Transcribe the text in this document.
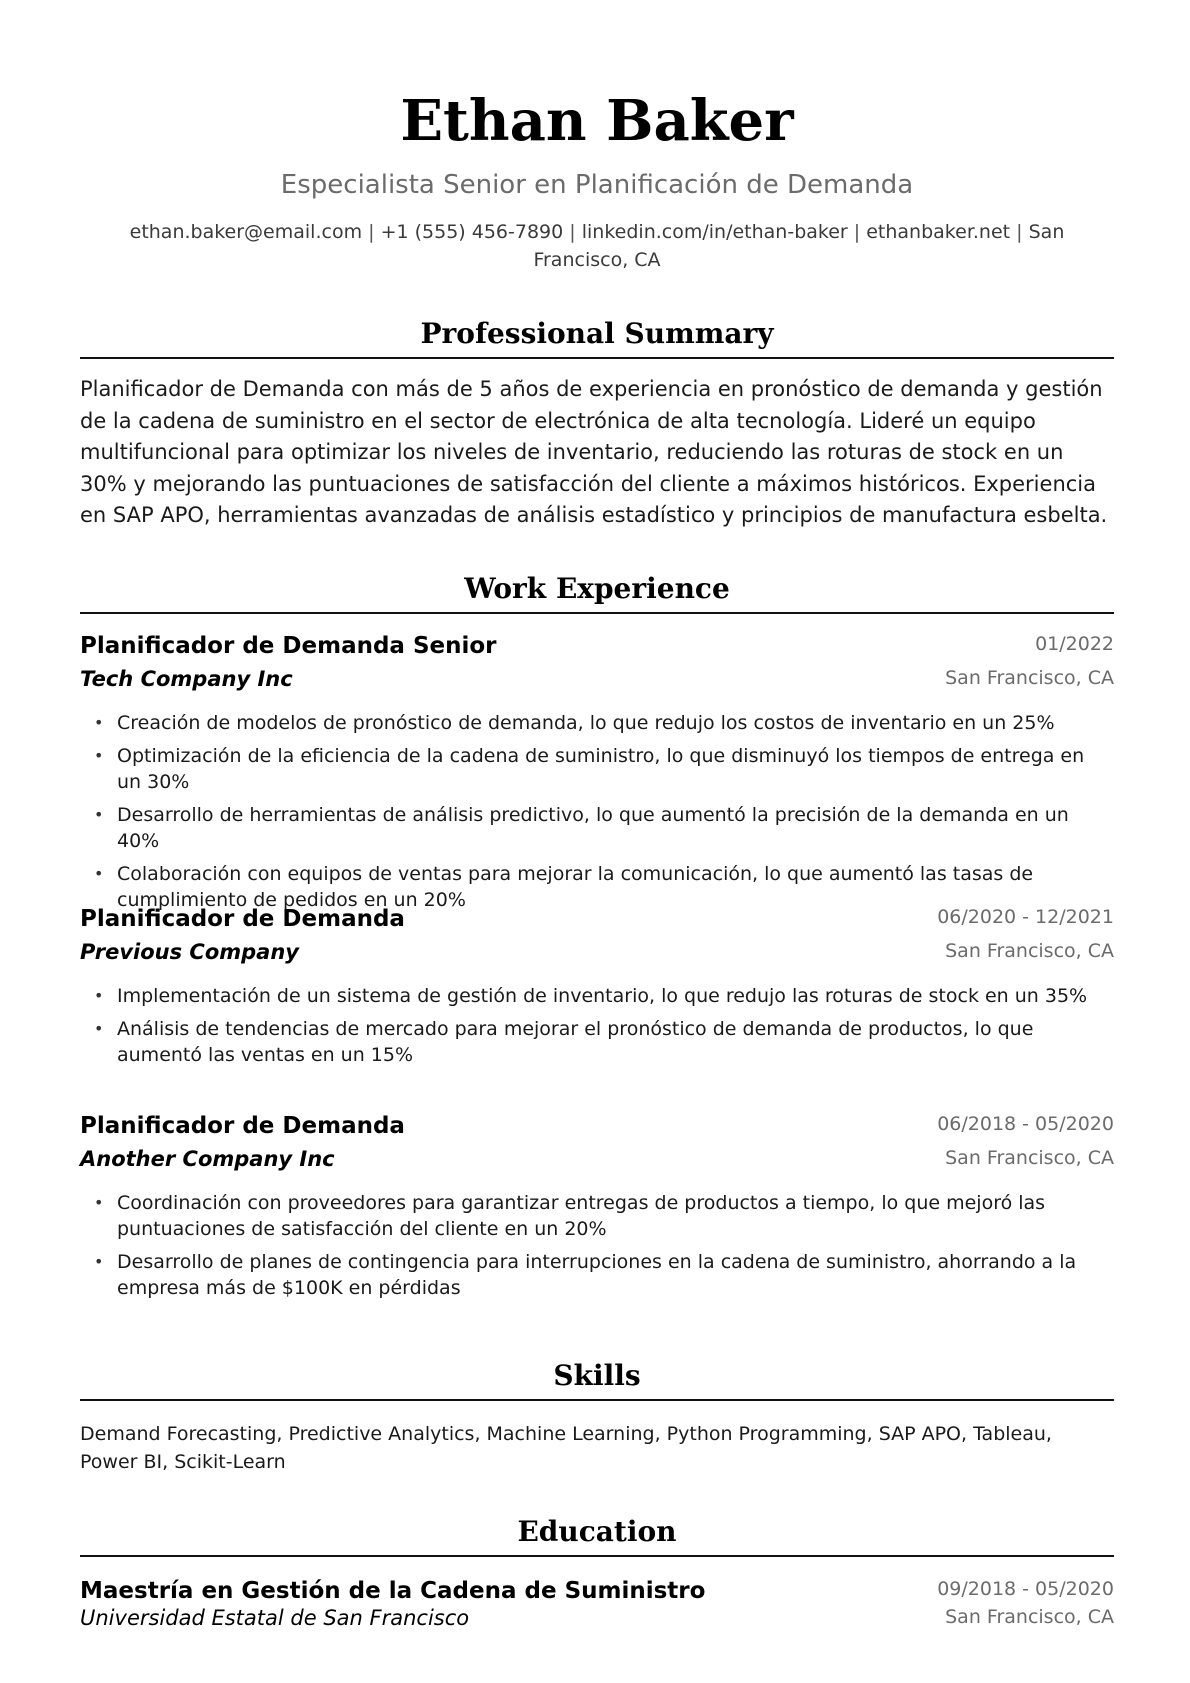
Ethan Baker
Especialista Senior en Planificación de Demanda
ethan.baker@email.com | +1 (555) 456-7890 | linkedin.com/in/ethan-baker | ethanbaker.net | San Francisco, CA
Professional Summary
Planificador de Demanda con más de 5 años de experiencia en pronóstico de demanda y gestión de la cadena de suministro en el sector de electrónica de alta tecnología. Lideré un equipo multifuncional para optimizar los niveles de inventario, reduciendo las roturas de stock en un 30% y mejorando las puntuaciones de satisfacción del cliente a máximos históricos. Experiencia en SAP APO, herramientas avanzadas de análisis estadístico y principios de manufactura esbelta.
Work Experience
Planificador de Demanda Senior	01/2022
Tech Company Inc	San Francisco, CA
• Creación de modelos de pronóstico de demanda, lo que redujo los costos de inventario en un 25%
• Optimización de la eficiencia de la cadena de suministro, lo que disminuyó los tiempos de entrega en un 30%
• Desarrollo de herramientas de análisis predictivo, lo que aumentó la precisión de la demanda en un 40%
• Colaboración con equipos de ventas para mejorar la comunicación, lo que aumentó las tasas de cumplimiento de pedidos en un 20%
Planificador de Demanda	06/2020 - 12/2021
Previous Company	San Francisco, CA
• Implementación de un sistema de gestión de inventario, lo que redujo las roturas de stock en un 35%
• Análisis de tendencias de mercado para mejorar el pronóstico de demanda de productos, lo que aumentó las ventas en un 15%
Planificador de Demanda	06/2018 - 05/2020
Another Company Inc	San Francisco, CA
• Coordinación con proveedores para garantizar entregas de productos a tiempo, lo que mejoró las puntuaciones de satisfacción del cliente en un 20%
• Desarrollo de planes de contingencia para interrupciones en la cadena de suministro, ahorrando a la empresa más de $100K en pérdidas
Skills
Demand Forecasting, Predictive Analytics, Machine Learning, Python Programming, SAP APO, Tableau, Power BI, Scikit-Learn
Education
Maestría en Gestión de la Cadena de Suministro	09/2018 - 05/2020
Universidad Estatal de San Francisco	San Francisco, CA
